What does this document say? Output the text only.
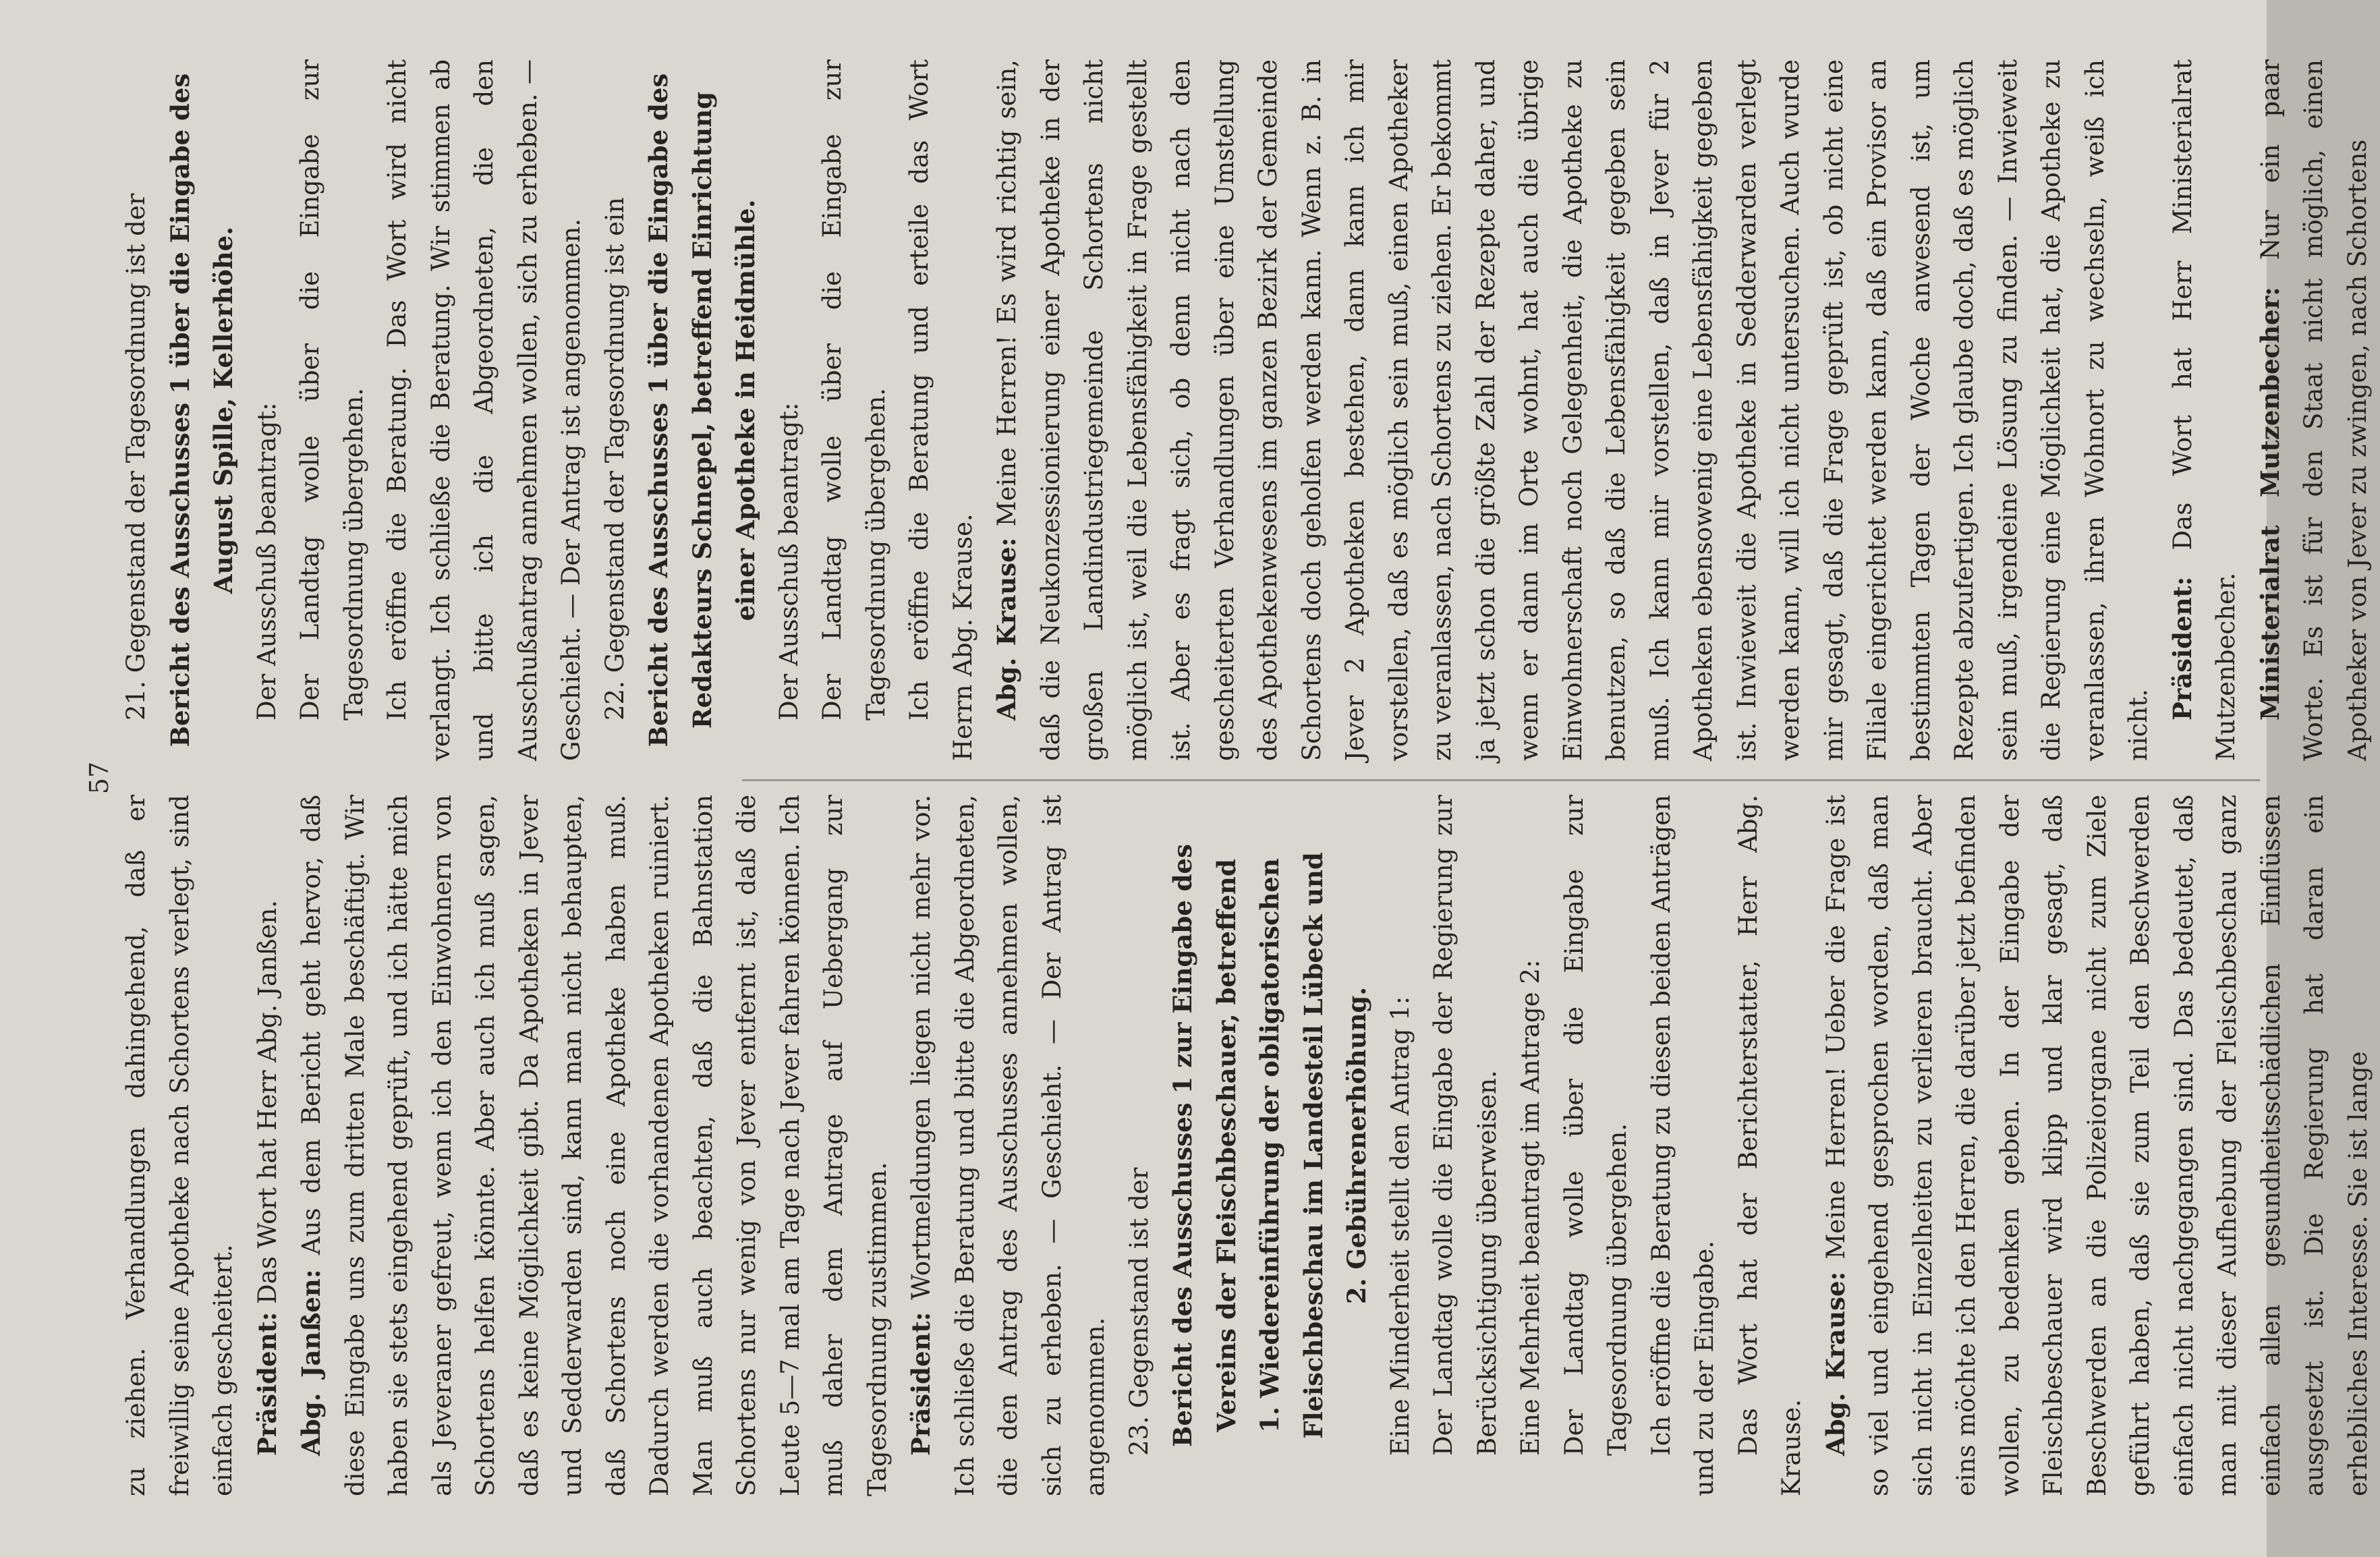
57

zu ziehen. Verhandlungen dahingehend, daß er freiwillig seine Apotheke nach Schortens verlegt, sind einfach gescheitert. Präsident: Das Wort hat Herr Abg. Janßen.

Abg. Janßen: Aus dem Bericht geht hervor, daß diese Eingabe uns zum dritten Male beschäftigt. Wir haben sie stets eingehend geprüft, und ich hätte mich als Jeveraner gefreut, wenn ich den Einwohnern von Schortens helfen könnte. Aber auch ich muß sagen, daß es keine Möglichkeit gibt. Da Apotheken in Jever und Sedderwarden sind, kann man nicht behaupten, daß Schortens noch eine Apotheke haben muß. Dadurch werden die vorhandenen Apotheken ruiniert. Man muß auch beachten, daß die Bahnstation Schortens nur wenig von Jever entfernt ist, daß die Leute 5—7 mal am Tage nach Jever fahren können. Ich muß daher dem Antrage auf Uebergang zur Tagesordnung zustimmen. Präsident: Wortmeldungen liegen nicht mehr vor. Ich schließe die Beratung und bitte die Abgeordneten, die den Antrag des Ausschusses annehmen wollen, sich zu erheben. — Geschieht. — Der Antrag ist angenommen. 23. Gegenstand ist der Bericht des Ausschusses 1 zur Eingabe des Vereins der Fleischbeschauer, betreffend 1. Wiedereinführung der obligatorischen Fleischbeschau im Landesteil Lübeck und 2. Gebührenerhöhung. Eine Minderheit stellt den Antrag 1: Der Landtag wolle die Eingabe der Regierung zur Berücksichtigung überweisen. Eine Mehrheit beantragt im Antrage 2: Der Landtag wolle über die Eingabe zur Tagesordnung übergehen. Ich eröffne die Beratung zu diesen beiden Anträgen und zu der Eingabe. Das Wort hat der Berichterstatter, Herr Abg. Krause. Abg. Krause: Meine Herren! Ueber die Frage ist so viel und eingehend gesprochen worden, daß man sich nicht in Einzelheiten zu verlieren braucht. Aber eins möchte ich den Herren, die darüber jetzt befinden wollen, zu bedenken geben. In der Eingabe der Fleischbeschauer wird klipp und klar gesagt, daß Beschwerden an die Polizeiorgane nicht zum Ziele geführt haben, daß sie zum Teil den Beschwerden einfach nicht nachgegangen sind. Das bedeutet, daß man mit dieser Aufhebung der Fleischbeschau ganz einfach allen gesundheitsschädlichen Einflüssen ausgesetzt ist. Die Regierung hat daran ein erhebliches Interesse. Sie ist lange

21. Gegenstand der Tagesordnung ist der Bericht des Ausschusses 1 über die Eingabe des August Spille, Kellerhöhe. Der Ausschuß beantragt: Der Landtag wolle über die Eingabe zur Tagesordnung übergehen. Ich eröffne die Beratung. Das Wort wird nicht verlangt. Ich schließe die Beratung. Wir stimmen ab und bitte ich die Abgeordneten, die den Ausschußantrag annehmen wollen, sich zu erheben. — Geschieht. — Der Antrag ist angenommen. 22. Gegenstand der Tagesordnung ist ein Bericht des Ausschusses 1 über die Eingabe des Redakteurs Schnepel, betreffend Einrichtung einer Apotheke in Heidmühle. Der Ausschuß beantragt: Der Landtag wolle über die Eingabe zur Tagesordnung übergehen. Ich eröffne die Beratung und erteile das Wort Herrn Abg. Krause. Abg. Krause: Meine Herren! Es wird richtig sein, daß die Neukonzessionierung einer Apotheke in der großen Landindustriegemeinde Schortens nicht möglich ist, weil die Lebensfähigkeit in Frage gestellt ist. Aber es fragt sich, ob denn nicht nach den gescheiterten Verhandlungen über eine Umstellung des Apothekenwesens im ganzen Bezirk der Gemeinde Schortens doch geholfen werden kann. Wenn z. B. in Jever 2 Apotheken bestehen, dann kann ich mir vorstellen, daß es möglich sein muß, einen Apotheker zu veranlassen, nach Schortens zu ziehen. Er bekommt ja jetzt schon die größte Zahl der Rezepte daher, und wenn er dann im Orte wohnt, hat auch die übrige Einwohnerschaft noch Gelegenheit, die Apotheke zu benutzen, so daß die Lebensfähigkeit gegeben sein muß. Ich kann mir vorstellen, daß in Jever für 2 Apotheken ebensowenig eine Lebensfähigkeit gegeben ist. Inwieweit die Apotheke in Sedderwarden verlegt werden kann, will ich nicht untersuchen. Auch wurde mir gesagt, daß die Frage geprüft ist, ob nicht eine Filiale eingerichtet werden kann, daß ein Provisor an bestimmten Tagen der Woche anwesend ist, um Rezepte abzufertigen. Ich glaube doch, daß es möglich sein muß, irgendeine Lösung zu finden. — Inwieweit die Regierung eine Möglichkeit hat, die Apotheke zu veranlassen, ihren Wohnort zu wechseln, weiß ich nicht.

Präsident: Das Wort hat Herr Ministerialrat Mutzenbecher. Ministerialrat Mutzenbecher: Nur ein paar Worte. Es ist für den Staat nicht möglich, einen Apotheker von Jever zu zwingen, nach Schortens
